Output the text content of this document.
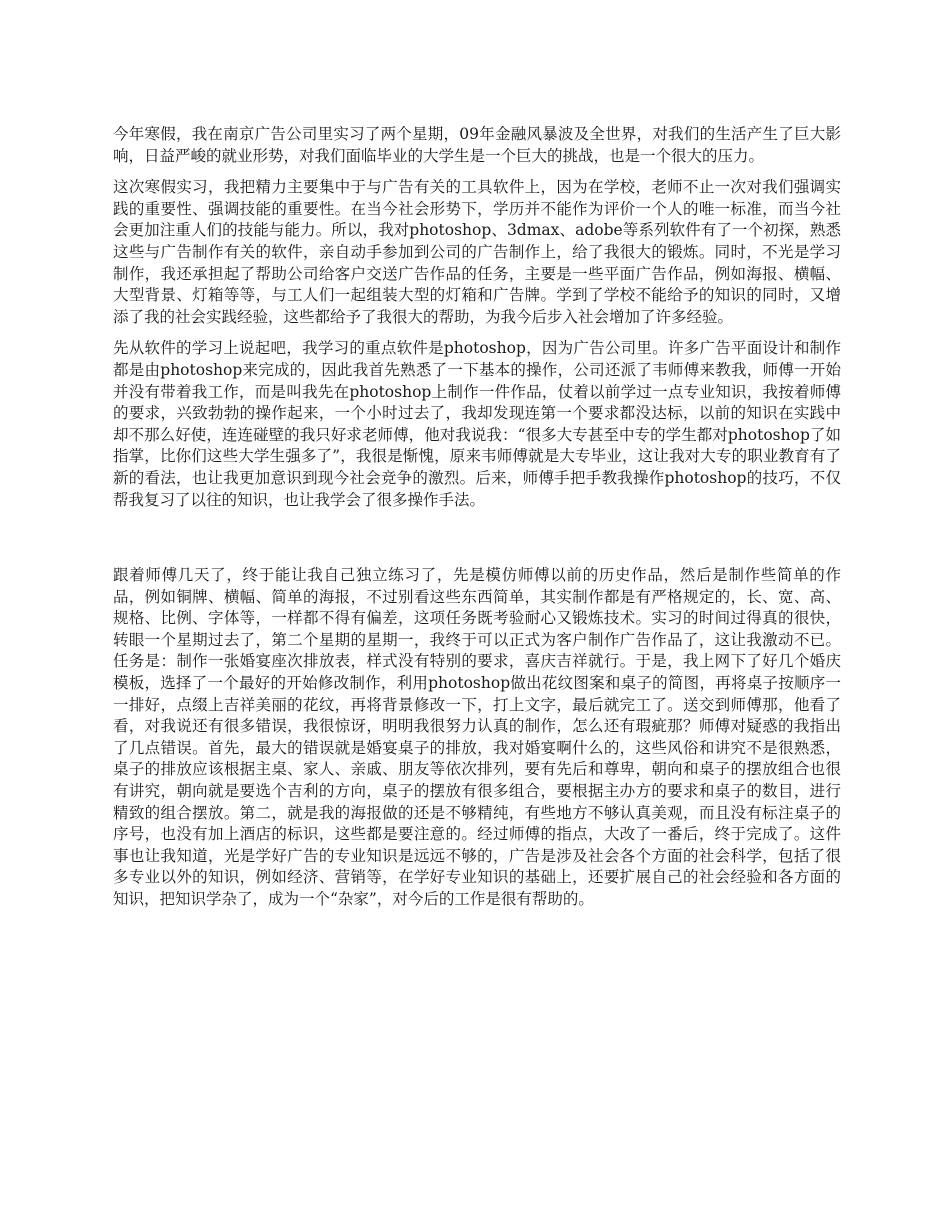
今年寒假，我在南京广告公司里实习了两个星期，09年金融风暴波及全世界，对我们的生活产生了巨大影响，日益严峻的就业形势，对我们面临毕业的大学生是一个巨大的挑战，也是一个很大的压力。

这次寒假实习，我把精力主要集中于与广告有关的工具软件上，因为在学校，老师不止一次对我们强调实践的重要性、强调技能的重要性。在当今社会形势下，学历并不能作为评价一个人的唯一标准，而当今社会更加注重人们的技能与能力。所以，我对photoshop、3dmax、adobe等系列软件有了一个初探，熟悉这些与广告制作有关的软件，亲自动手参加到公司的广告制作上，给了我很大的锻炼。同时，不光是学习制作，我还承担起了帮助公司给客户交送广告作品的任务，主要是一些平面广告作品，例如海报、横幅、大型背景、灯箱等等，与工人们一起组装大型的灯箱和广告牌。学到了学校不能给予的知识的同时，又增添了我的社会实践经验，这些都给予了我很大的帮助，为我今后步入社会增加了许多经验。

先从软件的学习上说起吧，我学习的重点软件是photoshop，因为广告公司里。许多广告平面设计和制作都是由photoshop来完成的，因此我首先熟悉了一下基本的操作，公司还派了韦师傅来教我，师傅一开始并没有带着我工作，而是叫我先在photoshop上制作一件作品，仗着以前学过一点专业知识，我按着师傅的要求，兴致勃勃的操作起来，一个小时过去了，我却发现连第一个要求都没达标，以前的知识在实践中却不那么好使，连连碰壁的我只好求老师傅，他对我说我：“很多大专甚至中专的学生都对photoshop了如指掌，比你们这些大学生强多了”，我很是惭愧，原来韦师傅就是大专毕业，这让我对大专的职业教育有了新的看法，也让我更加意识到现今社会竞争的激烈。后来，师傅手把手教我操作photoshop的技巧，不仅帮我复习了以往的知识，也让我学会了很多操作手法。

跟着师傅几天了，终于能让我自己独立练习了，先是模仿师傅以前的历史作品，然后是制作些简单的作品，例如铜牌、横幅、简单的海报，不过别看这些东西简单，其实制作都是有严格规定的，长、宽、高、规格、比例、字体等，一样都不得有偏差，这项任务既考验耐心又锻炼技术。实习的时间过得真的很快，转眼一个星期过去了，第二个星期的星期一，我终于可以正式为客户制作广告作品了，这让我激动不已。任务是：制作一张婚宴座次排放表，样式没有特别的要求，喜庆吉祥就行。于是，我上网下了好几个婚庆模板，选择了一个最好的开始修改制作，利用photoshop做出花纹图案和桌子的简图，再将桌子按顺序一一排好，点缀上吉祥美丽的花纹，再将背景修改一下，打上文字，最后就完工了。送交到师傅那，他看了看，对我说还有很多错误，我很惊讶，明明我很努力认真的制作，怎么还有瑕疵那？师傅对疑惑的我指出了几点错误。首先，最大的错误就是婚宴桌子的排放，我对婚宴啊什么的，这些风俗和讲究不是很熟悉，桌子的排放应该根据主桌、家人、亲戚、朋友等依次排列，要有先后和尊卑，朝向和桌子的摆放组合也很有讲究，朝向就是要选个吉利的方向，桌子的摆放有很多组合，要根据主办方的要求和桌子的数目，进行精致的组合摆放。第二，就是我的海报做的还是不够精纯，有些地方不够认真美观，而且没有标注桌子的序号，也没有加上酒店的标识，这些都是要注意的。经过师傅的指点，大改了一番后，终于完成了。这件事也让我知道，光是学好广告的专业知识是远远不够的，广告是涉及社会各个方面的社会科学，包括了很多专业以外的知识，例如经济、营销等，在学好专业知识的基础上，还要扩展自己的社会经验和各方面的知识，把知识学杂了，成为一个“杂家”，对今后的工作是很有帮助的。
